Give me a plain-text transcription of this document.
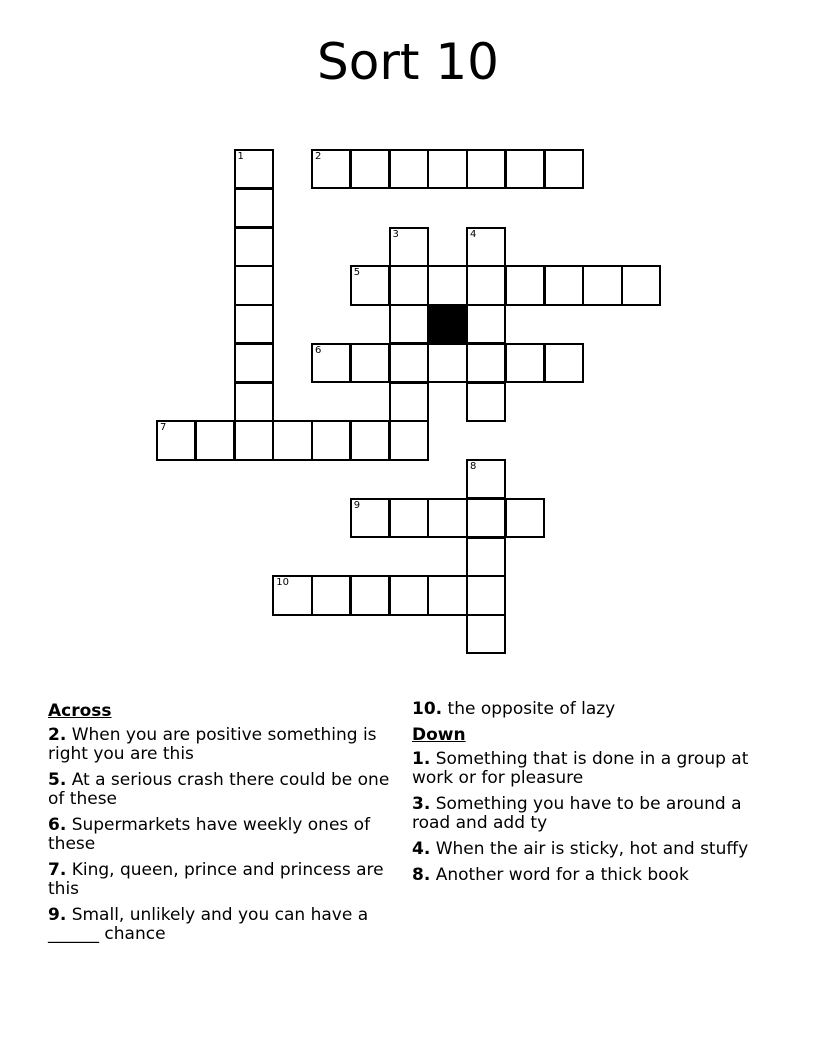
Sort 10
1	2
3	4
5
6
7
8
9
10
Across
2. When you are positive something is right you are this
5. At a serious crash there could be one of these
6. Supermarkets have weekly ones of these
7. King, queen, prince and princess are this
9. Small, unlikely and you can have a ______ chance
10. the opposite of lazy
Down
1. Something that is done in a group at work or for pleasure
3. Something you have to be around a road and add ty
4. When the air is sticky, hot and stuffy
8. Another word for a thick book
